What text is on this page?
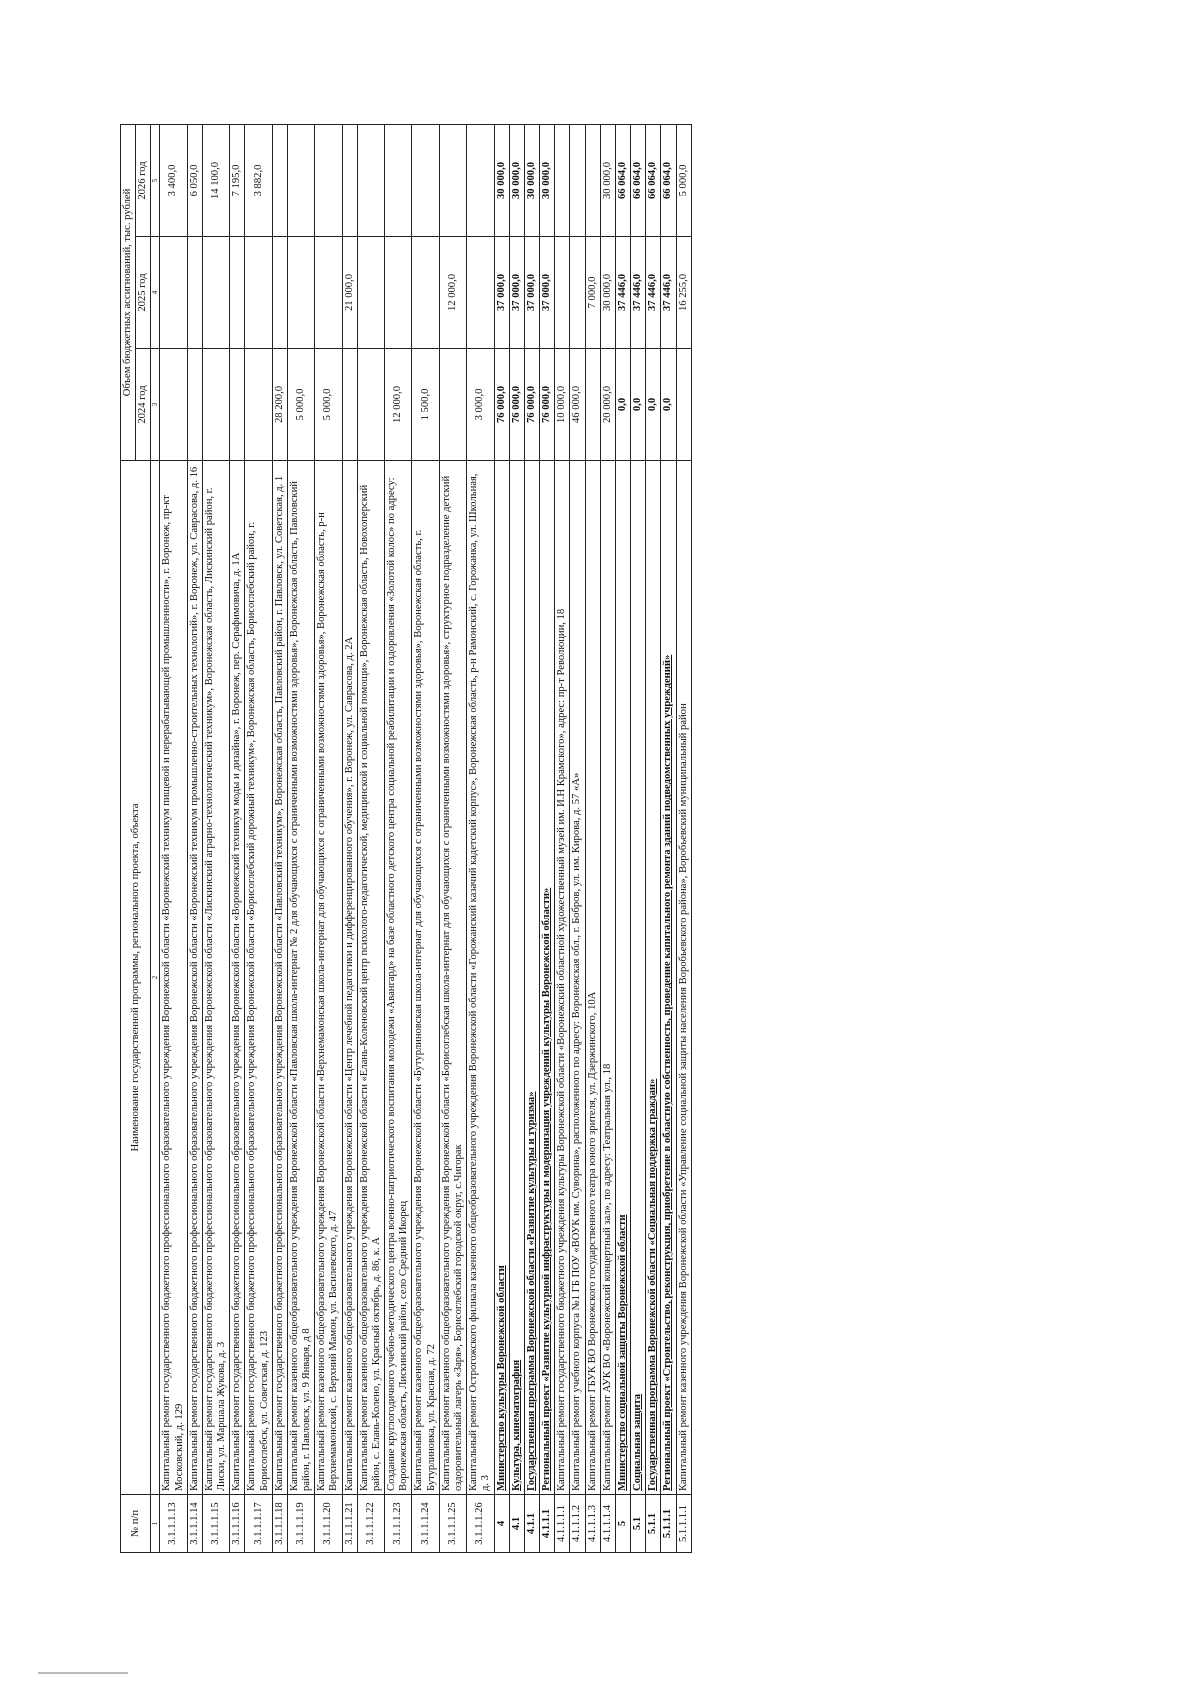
№ п/п	Наименование государственной программы, регионального проекта, объекта	Объем бюджетных ассигнований, тыс. рублей		
		2024 год	2025 год	2026 год
1	2	3	4	5
3.1.1.1.13	Капитальный ремонт государственного бюджетного профессионального образовательного учреждения Воронежской области «Воронежский техникум пищевой и перерабатывающей промышленности», г. Воронеж, пр-кт Московский, д. 129			3 400,0
3.1.1.1.14	Капитальный ремонт государственного бюджетного профессионального образовательного учреждения Воронежской области «Воронежский техникум промышленно-строительных технологий», г. Воронеж, ул. Саврасова, д. 16			6 050,0
3.1.1.1.15	Капитальный ремонт государственного бюджетного профессионального образовательного учреждения Воронежской области «Лискинский аграрно-технологический техникум», Воронежская область, Лискинский район, г. Лиски, ул. Маршала Жукова, д. 3			14 100,0
3.1.1.1.16	Капитальный ремонт государственного бюджетного профессионального образовательного учреждения Воронежской области «Воронежский техникум моды и дизайна», г. Воронеж, пер. Серафимовича, д. 1А			7 195,0
3.1.1.1.17	Капитальный ремонт государственного бюджетного профессионального образовательного учреждения Воронежской области «Борисоглебский дорожный техникум», Воронежская область, Борисоглебский район, г. Борисоглебск, ул. Советская, д. 123			3 882,0
3.1.1.1.18	Капитальный ремонт государственного бюджетного профессионального образовательного учреждения Воронежской области «Павловский техникум», Воронежская область, Павловский район, г. Павловск, ул. Советская, д. 1	28 200,0		
3.1.1.1.19	Капитальный ремонт казенного общеобразовательного учреждения Воронежской области «Павловская школа-интернат № 2 для обучающихся с ограниченными возможностями здоровья», Воронежская область, Павловский район, г. Павловск, ул. 9 Января, д 8	5 000,0		
3.1.1.1.20	Капитальный ремонт казенного общеобразовательного учреждения Воронежской области «Верхнемамонская школа-интернат для обучающихся с ограниченными возможностями здоровья», Воронежская область, р-н Верхнемамонский, с. Верхний Мамон, ул. Василевского, д. 47	5 000,0		
3.1.1.1.21	Капитальный ремонт казенного общеобразовательного учреждения Воронежской области «Центр лечебной педагогики и дифференцированного обучения», г. Воронеж, ул. Саврасова, д. 2А		21 000,0	
3.1.1.1.22	Капитальный ремонт казенного общеобразовательного учреждения Воронежской области «Елань-Коленовский центр психолого-педагогической, медицинской и социальной помощи», Воронежская область, Новохоперский район, с. Елань-Колено, ул. Красный октябрь, д. 86, к. А			
3.1.1.1.23	Создание круглогодичного учебно-методического центра военно-патриотического воспитания молодежи «Авангард» на базе областного детского центра социальной реабилитации и оздоровления «Золотой колос» по адресу: Воронежская область, Лискинский район, село Средний Икорец	12 000,0		
3.1.1.1.24	Капитальный ремонт казенного общеобразовательного учреждения Воронежской области «Бутурлиновская школа-интернат для обучающихся с ограниченными возможностями здоровья», Воронежская область, г. Бутурлиновка, ул. Красная, д. 72	1 500,0		
3.1.1.1.25	Капитальный ремонт казенного общеобразовательного учреждения Воронежской области «Борисоглебская школа-интернат для обучающихся с ограниченными возможностями здоровья», структурное подразделение детский оздоровительный лагерь «Заря», Борисоглебский городской округ, с.Чигорак		12 000,0	
3.1.1.1.26	Капитальный ремонт Острогожского филиала казенного общеобразовательного учреждения Воронежской области «Горожанский казачий кадетский корпус», Воронежская область, р-н Рамонский, с. Горожанка, ул. Школьная, д. 3	3 000,0		
4	Министерство культуры Воронежской области	76 000,0	37 000,0	30 000,0
4.1	Культура, кинематография	76 000,0	37 000,0	30 000,0
4.1.1	Государственная программа Воронежской области «Развитие культуры и туризма»	76 000,0	37 000,0	30 000,0
4.1.1.1	Региональный проект «Развитие культурной инфраструктуры и модернизация учреждений культуры Воронежской области»	76 000,0	37 000,0	30 000,0
4.1.1.1.1	Капитальный ремонт государственного бюджетного учреждения культуры Воронежской области «Воронежский областной художественный музей им. И.Н Крамского», адрес: пр-т Революции, 18	10 000,0		
4.1.1.1.2	Капитальный ремонт учебного корпуса №1 ГБ ПОУ «ВОУК им. Суворина», расположенного по адресу: Воронежская обл., г. Бобров, ул. им. Кирова, д. 57 «А»	46 000,0		
4.1.1.1.3	Капитальный ремонт ГБУК ВО Воронежского государственного театра юного зрителя, ул. Дзержинского, 10А		7 000,0	
4.1.1.1.4	Капитальный ремонт АУК ВО «Воронежский концертный зал», по адресу: Театральная ул., 18	20 000,0	30 000,0	30 000,0
5	Министерство социальной защиты Воронежской области	0,0	37 446,0	66 064,0
5.1	Социальная защита	0,0	37 446,0	66 064,0
5.1.1	Государственная программа Воронежской области «Социальная поддержка граждан»	0,0	37 446,0	66 064,0
5.1.1.1	Региональный проект «Строительство, реконструкция, приобретение в областную собственность, проведение капитального ремонта зданий подведомственных учреждений»	0,0	37 446,0	66 064,0
5.1.1.1.1	Капитальный ремонт казенного учреждения Воронежской области «Управление социальной защиты населения Воробьевского района», Воробьевский муниципальный район		16 255,0	5 000,0
